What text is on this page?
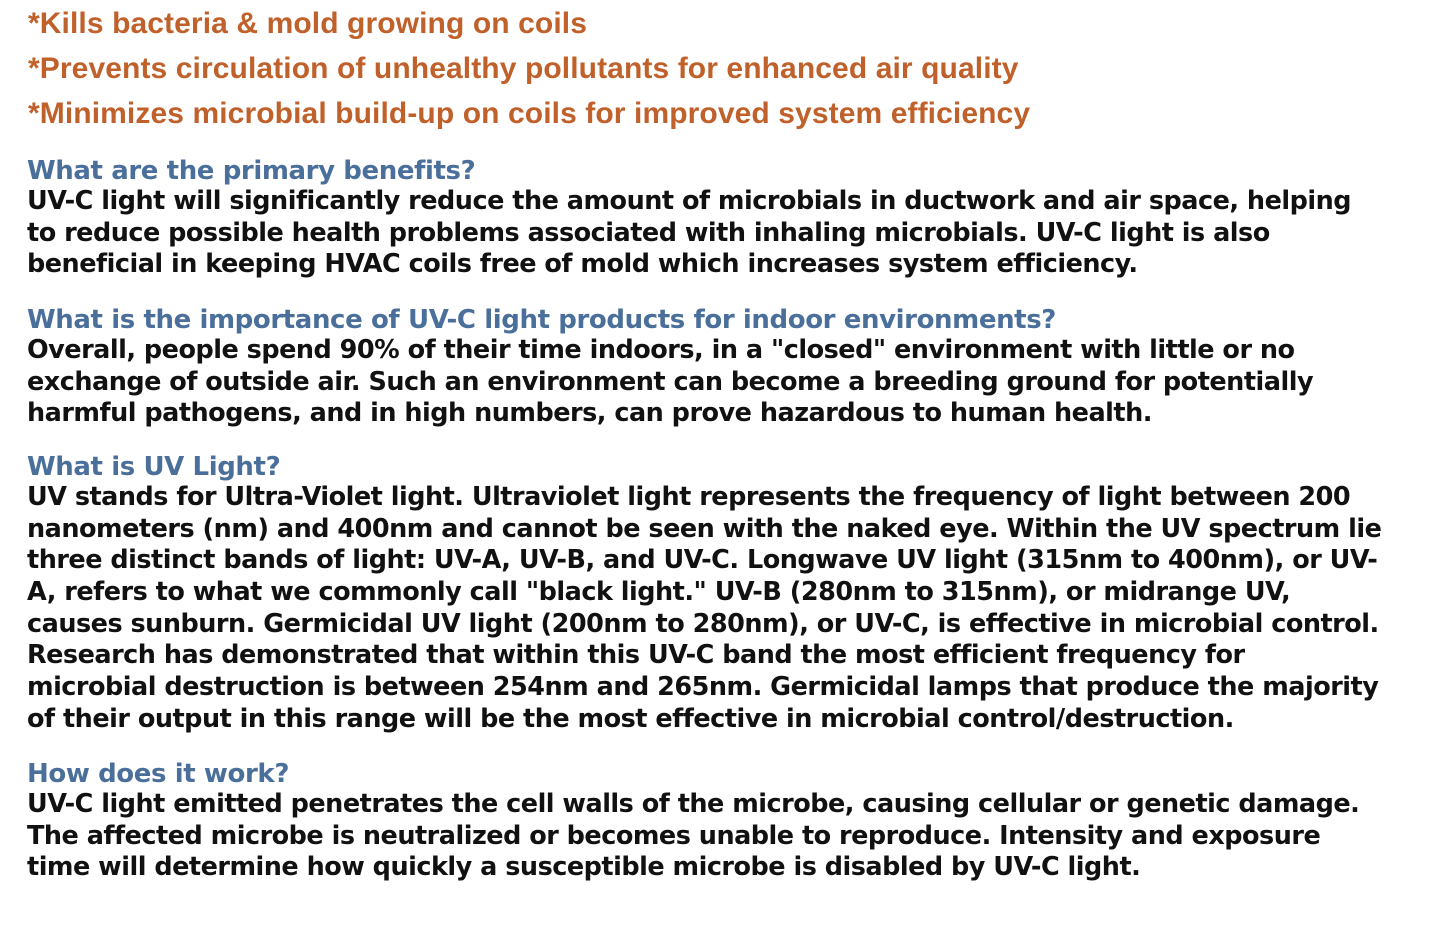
*Kills bacteria & mold growing on coils
*Prevents circulation of unhealthy pollutants for enhanced air quality
*Minimizes microbial build-up on coils for improved system efficiency
What are the primary benefits?
UV-C light will significantly reduce the amount of microbials in ductwork and air space, helping
to reduce possible health problems associated with inhaling microbials. UV-C light is also
beneficial in keeping HVAC coils free of mold which increases system efficiency.
What is the importance of UV-C light products for indoor environments?
Overall, people spend 90% of their time indoors, in a "closed" environment with little or no
exchange of outside air. Such an environment can become a breeding ground for potentially
harmful pathogens, and in high numbers, can prove hazardous to human health.
What is UV Light?
UV stands for Ultra-Violet light. Ultraviolet light represents the frequency of light between 200
nanometers (nm) and 400nm and cannot be seen with the naked eye. Within the UV spectrum lie
three distinct bands of light: UV-A, UV-B, and UV-C. Longwave UV light (315nm to 400nm), or UV-
A, refers to what we commonly call "black light." UV-B (280nm to 315nm), or midrange UV,
causes sunburn. Germicidal UV light (200nm to 280nm), or UV-C, is effective in microbial control.
Research has demonstrated that within this UV-C band the most efficient frequency for
microbial destruction is between 254nm and 265nm. Germicidal lamps that produce the majority
of their output in this range will be the most effective in microbial control/destruction.
How does it work?
UV-C light emitted penetrates the cell walls of the microbe, causing cellular or genetic damage.
The affected microbe is neutralized or becomes unable to reproduce. Intensity and exposure
time will determine how quickly a susceptible microbe is disabled by UV-C light.
